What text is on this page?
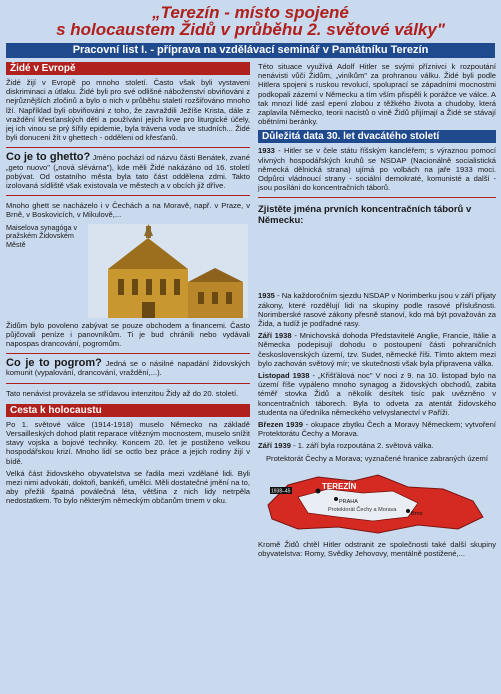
„Terezín - místo spojené
s holocaustem Židů v průběhu 2. světové války"
Pracovní list I. - příprava na vzdělávací seminář v Památníku Terezín
Židé v Evropě

Židé žijí v Evropě po mnoho století. Často však byli vystaveni diskriminaci a útlaku. Židé byli pro své odlišné náboženství obviňováni z nejrůznějších zločinů a bylo o nich v průběhu staletí rozšiřováno mnoho lží. Například byli obviňováni z toho, že zavraždili Ježíše Krista, dále z vraždění křesťanských dětí a používání jejich krve pro liturgické účely, jej ich vinou se prý šířily epidemie, byla trávena voda ve studních... Židé byli donuceni žít v ghettech - odděleni od křesťanů.

Co je to ghetto? Jméno pochází od názvu části Benátek, zvané „geto nuovo" („nová slévárna"), kde měli Židé nakázáno od 16. století pobývat. Od ostatního města byla tato část oddělena zdmi. Takto izolovaná sídliště však existovala ve městech a v obcích již dříve.

Mnoho ghett se nacházelo i v Čechách a na Moravě, např. v Praze, v Brně, v Boskovicích, v Mikulově,...

Maiselova synagóga v pražském Židovském Městě

Židům bylo povoleno zabývat se pouze obchodem a financemi. Často půjčovali peníze i panovníkům. Ti je bud chránili nebo vydávali napospas drancování, pogromům.

Co je to pogrom? Jedná se o násilné napadání židovských komunit (vypalování, drancování, vraždění,...).

Tato nenávist provázela se střídavou intenzitou Židy až do 20. století.

Cesta k holocaustu

Po 1. světové válce (1914-1918) muselo Německo na základě Versailleských dohod platit reparace vítězným mocnostem, muselo snížit stavy vojska a bojové techniky. Koncem 20. let je postiženo velkou hospodářskou krizí. Mnoho lidí se octlo bez práce a jejich rodiny žijí v bídě.

Velká část židovského obyvatelstva se řadila mezi vzdělané lidi. Byli mezi nimi advokáti, doktoři, bankéři, umělci. Měli dostatečné jmění na to, aby přežili špatná poválečná léta, většina z nich lidy netrpěla nedostatkem. To bylo některým německým občanům trnem v oku.

Této situace využívá Adolf Hitler se svými příznivci k rozpoutání nenávisti vůči Židům, „viníkům" za prohranou válku. Židé byli podle Hitlera spojeni s ruskou revolucí, spoluprací se západními mocnostmi podkopali zázemí v Německu a tím vším přispěli k porážce ve válce. A tak mnozí lidé zasl epení zlobou z těžkého života a chudoby, která zaplavila Německo, teorii nacistů o vině Židů přijímají a Židé se stávají obětními beránky.

Důležitá data 30. let dvacátého století

1933 - Hitler se v čele státu říšským kancléřem; s výraznou pomocí vlivných hospodářských kruhů se NSDAP (Nacionálně socialistická německá dělnická strana) ujímá po volbách na jaře 1933 moci. Odpůrci vládnoucí strany - sociální demokraté, komunisté a další - jsou posíláni do koncentračních táborů.

Zjistěte jména prvních koncentračních táborů v Německu:

1935 - Na každoročním sjezdu NSDAP v Norimberku jsou v září přijaty zákony, které rozdělují lidi na skupiny podle rasové příslušnosti. Norimberské rasové zákony přesně stanoví, kdo má být považován za Žida, a tudíž je podřadné rasy.

Září 1938 - Mnichovská dohoda Představitelé Anglie, Francie, Itálie a Německa podepisují dohodu o postoupení části pohraničních československých území, tzv. Sudet, německé říši. Tímto aktem mezi bylo zachován světový mír; ve skutečnosti však byla připravena válka.

Listopad 1938 - „Křišťálová noc" V noci z 9. na 10. listopad bylo na území říše vypáleno mnoho synagog a židovských obchodů, zabita téměř stovka Židů a několik desítek tisíc pak uvězněno v koncentračních táborech. Byla to odveta za atentát židovského studenta na úředníka německého velvyslanectví v Paříži.

Březen 1939 - okupace zbytku Čech a Moravy Německem; vytvoření Protektorátu Čechy a Morava.

Září 1939 - 1. září byla rozpoutána 2. světová válka.

Protektorát Čechy a Morava; vyznačené hranice zabraných území

TEREZÍN
PRAHA
Brno
Protektorát Čechy a Morava
1938–45

Kromě Židů chtěl Hitler odstranit ze společnosti také další skupiny obyvatelstva: Romy, Svědky Jehovovy, mentálně postižené,...
